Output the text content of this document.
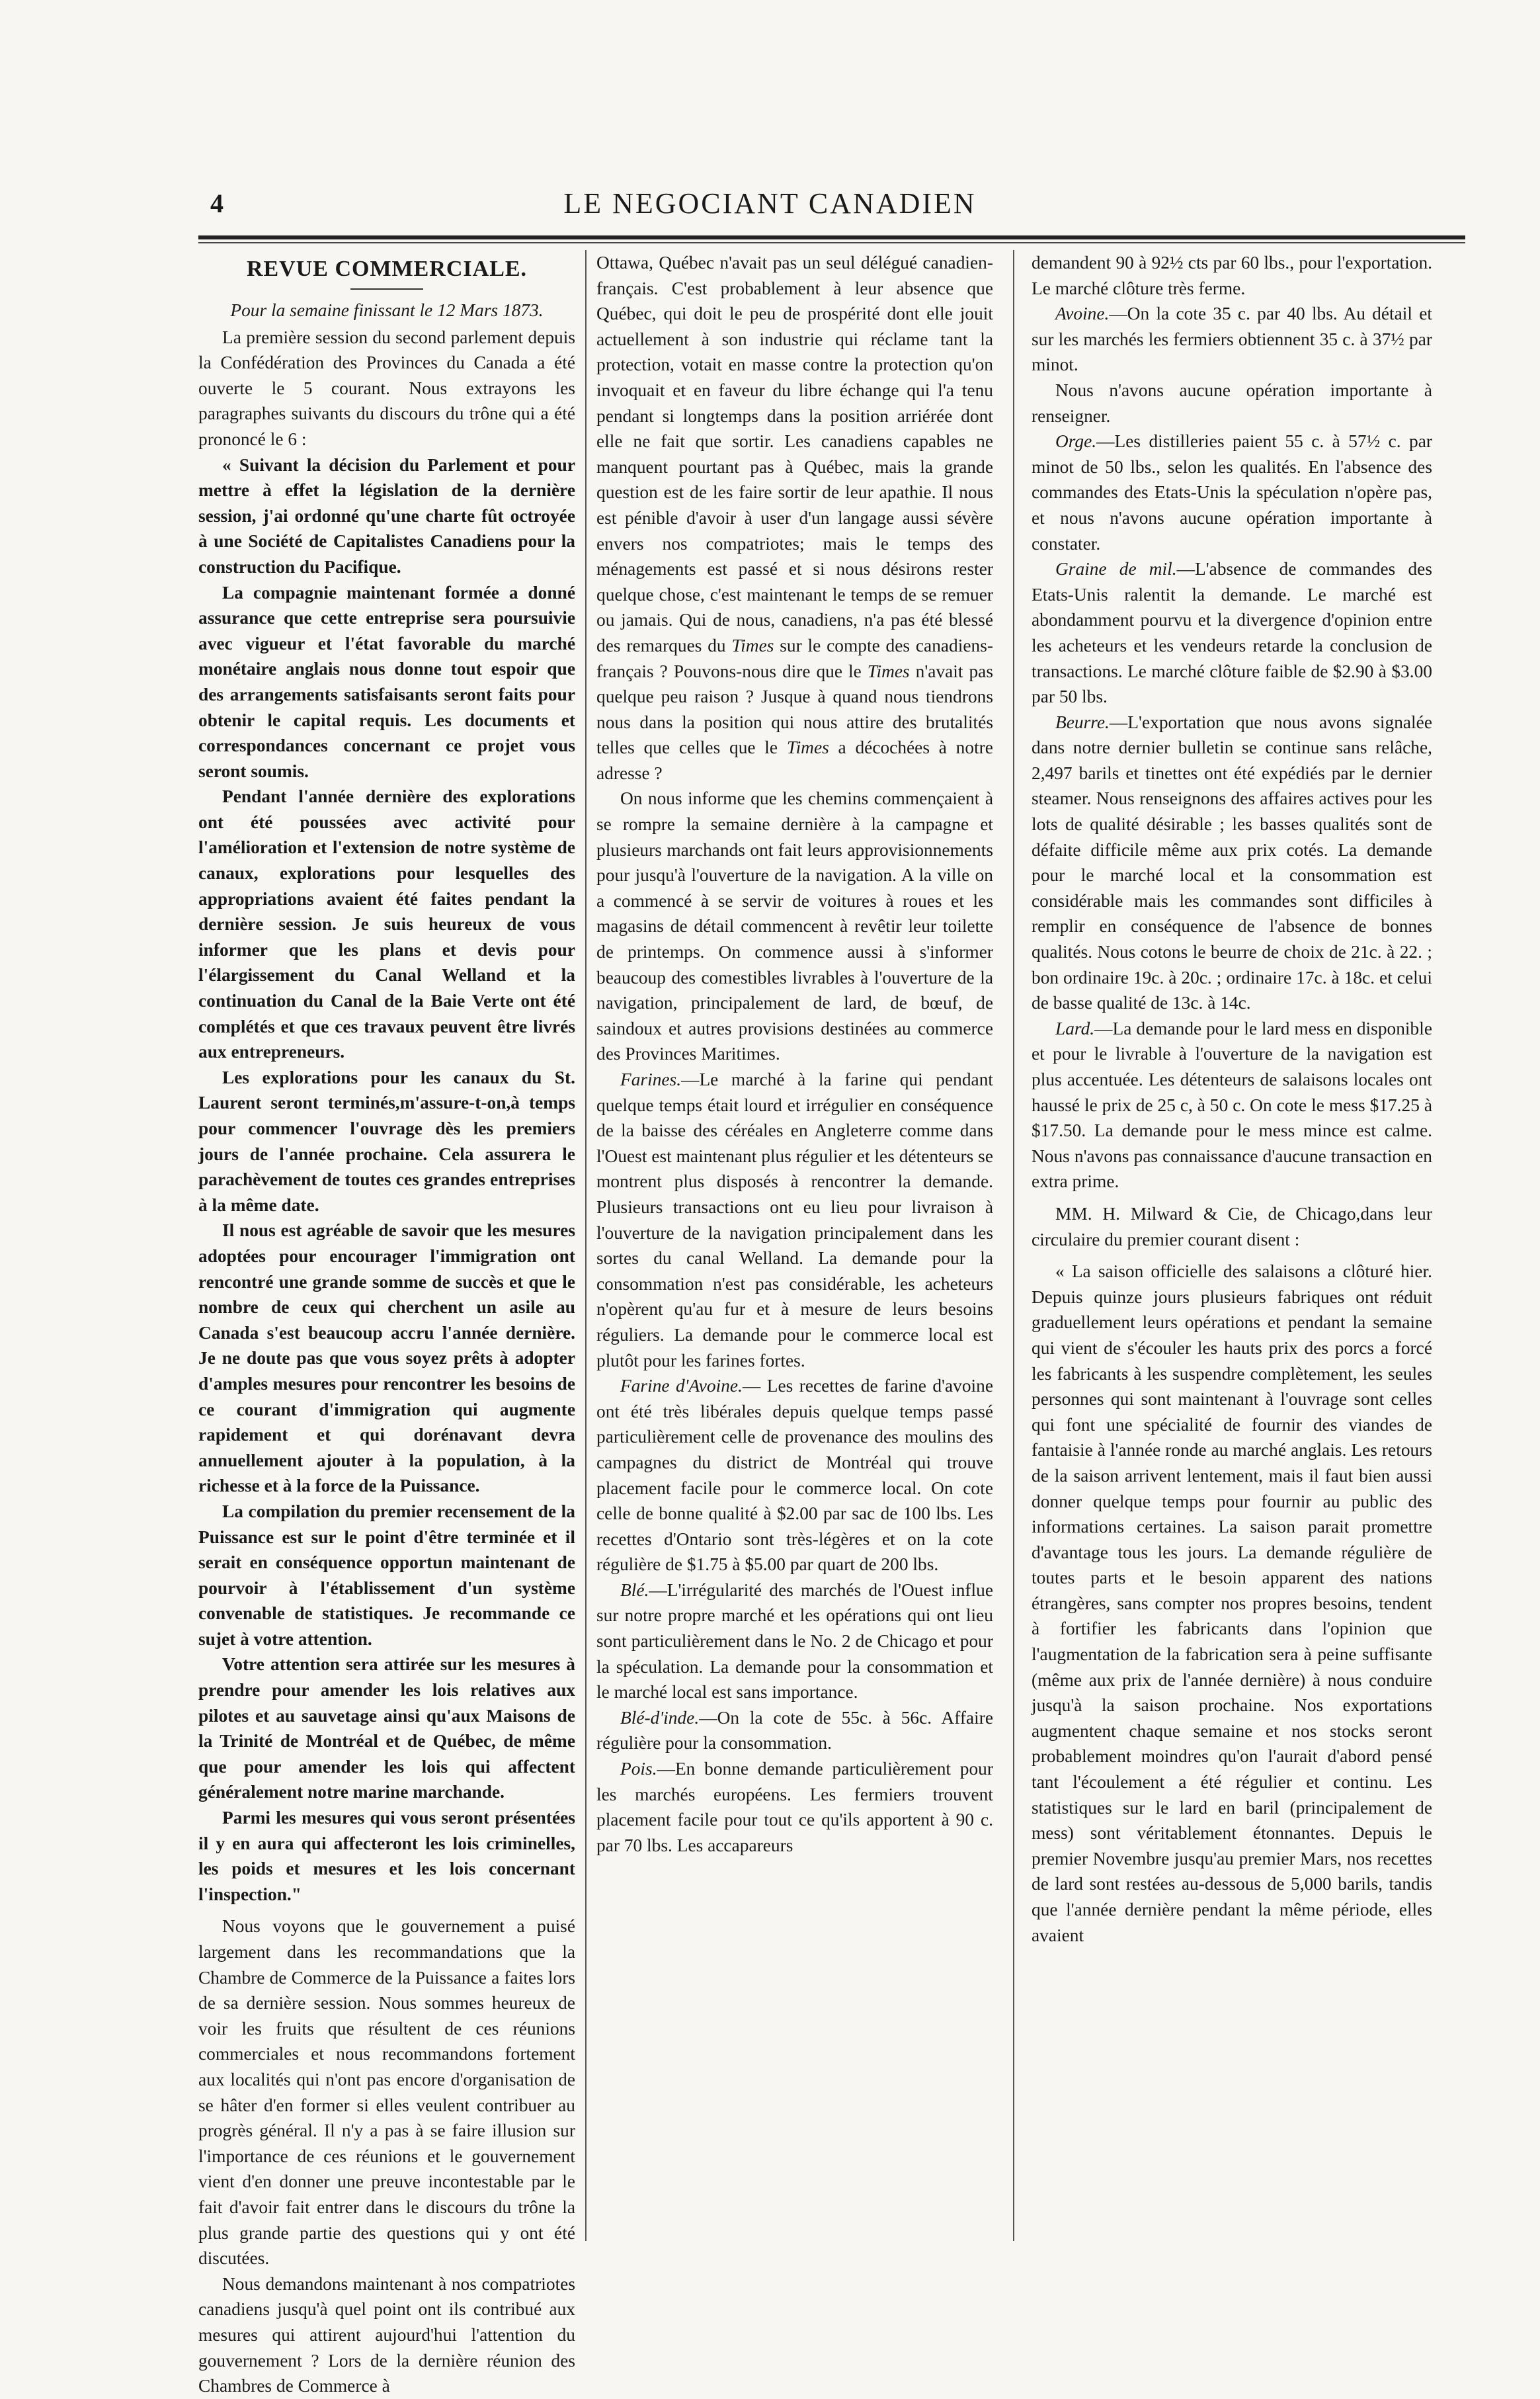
4	LE NEGOCIANT CANADIEN
REVUE COMMERCIALE.
Pour la semaine finissant le 12 Mars 1873.

La première session du second parlement depuis la Confédération des Provinces du Canada a été ouverte le 5 courant. Nous extrayons les paragraphes suivants du discours du trône qui a été prononcé le 6 :

« Suivant la décision du Parlement et pour mettre à effet la législation de la dernière session, j'ai ordonné qu'une charte fût octroyée à une Société de Capitalistes Canadiens pour la construction du Pacifique.

La compagnie maintenant formée a donné assurance que cette entreprise sera poursuivie avec vigueur et l'état favorable du marché monétaire anglais nous donne tout espoir que des arrangements satisfaisants seront faits pour obtenir le capital requis. Les documents et correspondances concernant ce projet vous seront soumis.

Pendant l'année dernière des explorations ont été poussées avec activité pour l'amélioration et l'extension de notre système de canaux, explorations pour lesquelles des appropriations avaient été faites pendant la dernière session. Je suis heureux de vous informer que les plans et devis pour l'élargissement du Canal Welland et la continuation du Canal de la Baie Verte ont été complétés et que ces travaux peuvent être livrés aux entrepreneurs.

Les explorations pour les canaux du St. Laurent seront terminés,m'assure-t-on,à temps pour commencer l'ouvrage dès les premiers jours de l'année prochaine. Cela assurera le parachèvement de toutes ces grandes entreprises à la même date.

Il nous est agréable de savoir que les mesures adoptées pour encourager l'immigration ont rencontré une grande somme de succès et que le nombre de ceux qui cherchent un asile au Canada s'est beaucoup accru l'année dernière. Je ne doute pas que vous soyez prêts à adopter d'amples mesures pour rencontrer les besoins de ce courant d'immigration qui augmente rapidement et qui dorénavant devra annuellement ajouter à la population, à la richesse et à la force de la Puissance.

La compilation du premier recensement de la Puissance est sur le point d'être terminée et il serait en conséquence opportun maintenant de pourvoir à l'établissement d'un système convenable de statistiques. Je recommande ce sujet à votre attention.

Votre attention sera attirée sur les mesures à prendre pour amender les lois relatives aux pilotes et au sauvetage ainsi qu'aux Maisons de la Trinité de Montréal et de Québec, de même que pour amender les lois qui affectent généralement notre marine marchande.

Parmi les mesures qui vous seront présentées il y en aura qui affecteront les lois criminelles, les poids et mesures et les lois concernant l'inspection."

Nous voyons que le gouvernement a puisé largement dans les recommandations que la Chambre de Commerce de la Puissance a faites lors de sa dernière session. Nous sommes heureux de voir les fruits que résultent de ces réunions commerciales et nous recommandons fortement aux localités qui n'ont pas encore d'organisation de se hâter d'en former si elles veulent contribuer au progrès général. Il n'y a pas à se faire illusion sur l'importance de ces réunions et le gouvernement vient d'en donner une preuve incontestable par le fait d'avoir fait entrer dans le discours du trône la plus grande partie des questions qui y ont été discutées.

Nous demandons maintenant à nos compatriotes canadiens jusqu'à quel point ont ils contribué aux mesures qui attirent aujourd'hui l'attention du gouvernement ? Lors de la dernière réunion des Chambres de Commerce à

Ottawa, Québec n'avait pas un seul délégué canadien-français. C'est probablement à leur absence que Québec, qui doit le peu de prospérité dont elle jouit actuellement à son industrie qui réclame tant la protection, votait en masse contre la protection qu'on invoquait et en faveur du libre échange qui l'a tenu pendant si longtemps dans la position arriérée dont elle ne fait que sortir. Les canadiens capables ne manquent pourtant pas à Québec, mais la grande question est de les faire sortir de leur apathie. Il nous est pénible d'avoir à user d'un langage aussi sévère envers nos compatriotes; mais le temps des ménagements est passé et si nous désirons rester quelque chose, c'est maintenant le temps de se remuer ou jamais. Qui de nous, canadiens, n'a pas été blessé des remarques du Times sur le compte des canadiens-français ? Pouvons-nous dire que le Times n'avait pas quelque peu raison ? Jusque à quand nous tiendrons nous dans la position qui nous attire des brutalités telles que celles que le Times a décochées à notre adresse ?

On nous informe que les chemins commençaient à se rompre la semaine dernière à la campagne et plusieurs marchands ont fait leurs approvisionnements pour jusqu'à l'ouverture de la navigation. A la ville on a commencé à se servir de voitures à roues et les magasins de détail commencent à revêtir leur toilette de printemps. On commence aussi à s'informer beaucoup des comestibles livrables à l'ouverture de la navigation, principalement de lard, de bœuf, de saindoux et autres provisions destinées au commerce des Provinces Maritimes.

Farines.—Le marché à la farine qui pendant quelque temps était lourd et irrégulier en conséquence de la baisse des céréales en Angleterre comme dans l'Ouest est maintenant plus régulier et les détenteurs se montrent plus disposés à rencontrer la demande. Plusieurs transactions ont eu lieu pour livraison à l'ouverture de la navigation principalement dans les sortes du canal Welland. La demande pour la consommation n'est pas considérable, les acheteurs n'opèrent qu'au fur et à mesure de leurs besoins réguliers. La demande pour le commerce local est plutôt pour les farines fortes.

Farine d'Avoine.— Les recettes de farine d'avoine ont été très libérales depuis quelque temps passé particulièrement celle de provenance des moulins des campagnes du district de Montréal qui trouve placement facile pour le commerce local. On cote celle de bonne qualité à $2.00 par sac de 100 lbs. Les recettes d'Ontario sont très-légères et on la cote régulière de $1.75 à $5.00 par quart de 200 lbs.

Blé.—L'irrégularité des marchés de l'Ouest influe sur notre propre marché et les opérations qui ont lieu sont particulièrement dans le No. 2 de Chicago et pour la spéculation. La demande pour la consommation et le marché local est sans importance.

Blé-d'inde.—On la cote de 55c. à 56c. Affaire régulière pour la consommation.

Pois.—En bonne demande particulièrement pour les marchés européens. Les fermiers trouvent placement facile pour tout ce qu'ils apportent à 90 c. par 70 lbs. Les accapareurs

demandent 90 à 92½ cts par 60 lbs., pour l'exportation. Le marché clôture très ferme.

Avoine.—On la cote 35 c. par 40 lbs. Au détail et sur les marchés les fermiers obtiennent 35 c. à 37½ par minot.

Nous n'avons aucune opération importante à renseigner.

Orge.—Les distilleries paient 55 c. à 57½ c. par minot de 50 lbs., selon les qualités. En l'absence des commandes des Etats-Unis la spéculation n'opère pas, et nous n'avons aucune opération importante à constater.

Graine de mil.—L'absence de commandes des Etats-Unis ralentit la demande. Le marché est abondamment pourvu et la divergence d'opinion entre les acheteurs et les vendeurs retarde la conclusion de transactions. Le marché clôture faible de $2.90 à $3.00 par 50 lbs.

Beurre.—L'exportation que nous avons signalée dans notre dernier bulletin se continue sans relâche, 2,497 barils et tinettes ont été expédiés par le dernier steamer. Nous renseignons des affaires actives pour les lots de qualité désirable ; les basses qualités sont de défaite difficile même aux prix cotés. La demande pour le marché local et la consommation est considérable mais les commandes sont difficiles à remplir en conséquence de l'absence de bonnes qualités. Nous cotons le beurre de choix de 21c. à 22. ; bon ordinaire 19c. à 20c. ; ordinaire 17c. à 18c. et celui de basse qualité de 13c. à 14c.

Lard.—La demande pour le lard mess en disponible et pour le livrable à l'ouverture de la navigation est plus accentuée. Les détenteurs de salaisons locales ont haussé le prix de 25 c, à 50 c. On cote le mess $17.25 à $17.50. La demande pour le mess mince est calme. Nous n'avons pas connaissance d'aucune transaction en extra prime.

MM. H. Milward & Cie, de Chicago,dans leur circulaire du premier courant disent :

« La saison officielle des salaisons a clôturé hier. Depuis quinze jours plusieurs fabriques ont réduit graduellement leurs opérations et pendant la semaine qui vient de s'écouler les hauts prix des porcs a forcé les fabricants à les suspendre complètement, les seules personnes qui sont maintenant à l'ouvrage sont celles qui font une spécialité de fournir des viandes de fantaisie à l'année ronde au marché anglais. Les retours de la saison arrivent lentement, mais il faut bien aussi donner quelque temps pour fournir au public des informations certaines. La saison parait promettre d'avantage tous les jours. La demande régulière de toutes parts et le besoin apparent des nations étrangères, sans compter nos propres besoins, tendent à fortifier les fabricants dans l'opinion que l'augmentation de la fabrication sera à peine suffisante (même aux prix de l'année dernière) à nous conduire jusqu'à la saison prochaine. Nos exportations augmentent chaque semaine et nos stocks seront probablement moindres qu'on l'aurait d'abord pensé tant l'écoulement a été régulier et continu. Les statistiques sur le lard en baril (principalement de mess) sont véritablement étonnantes. Depuis le premier Novembre jusqu'au premier Mars, nos recettes de lard sont restées au-dessous de 5,000 barils, tandis que l'année dernière pendant la même période, elles avaient
